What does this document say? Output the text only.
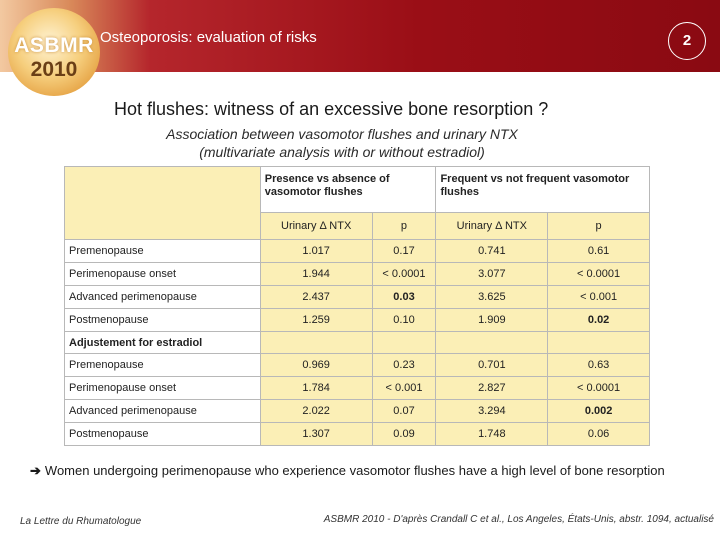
ASBMR
2010
Osteoporosis: evaluation of risks	2
Hot flushes: witness of an excessive bone resorption ?
Association between vasomotor flushes and urinary NTX
(multivariate analysis with or without estradiol)
	Presence vs absence of vasomotor flushes		Frequent vs not frequent vasomotor flushes	
	Urinary Δ NTX	p	Urinary Δ NTX	p
Premenopause	1.017	0.17	0.741	0.61
Perimenopause onset	1.944	< 0.0001	3.077	< 0.0001
Advanced perimenopause	2.437	0.03	3.625	< 0.001
Postmenopause	1.259	0.10	1.909	0.02
Adjustement for estradiol				
Premenopause	0.969	0.23	0.701	0.63
Perimenopause onset	1.784	< 0.001	2.827	< 0.0001
Advanced perimenopause	2.022	0.07	3.294	0.002
Postmenopause	1.307	0.09	1.748	0.06
➔ Women undergoing perimenopause who experience vasomotor flushes have a high level of bone resorption
La Lettre du Rhumatologue	ASBMR 2010 - D'après Crandall C et al., Los Angeles, États-Unis, abstr. 1094, actualisé
